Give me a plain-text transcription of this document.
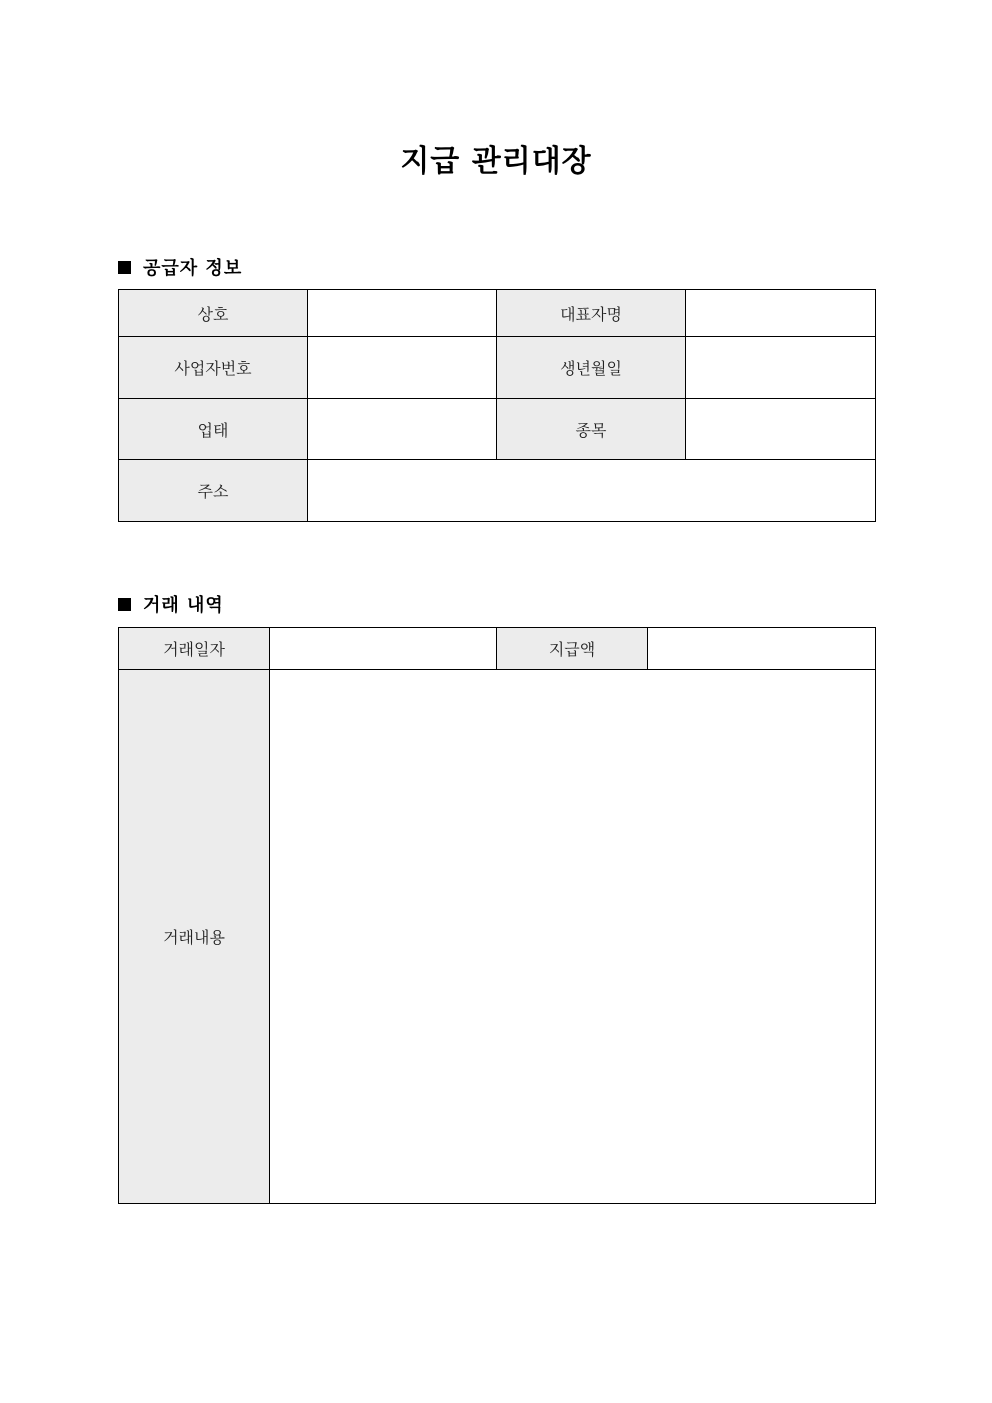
지급 관리대장
공급자 정보
상호		대표자명	
사업자번호		생년월일	
업태		종목	
주소			
거래 내역
거래일자		지급액	
거래내용			
